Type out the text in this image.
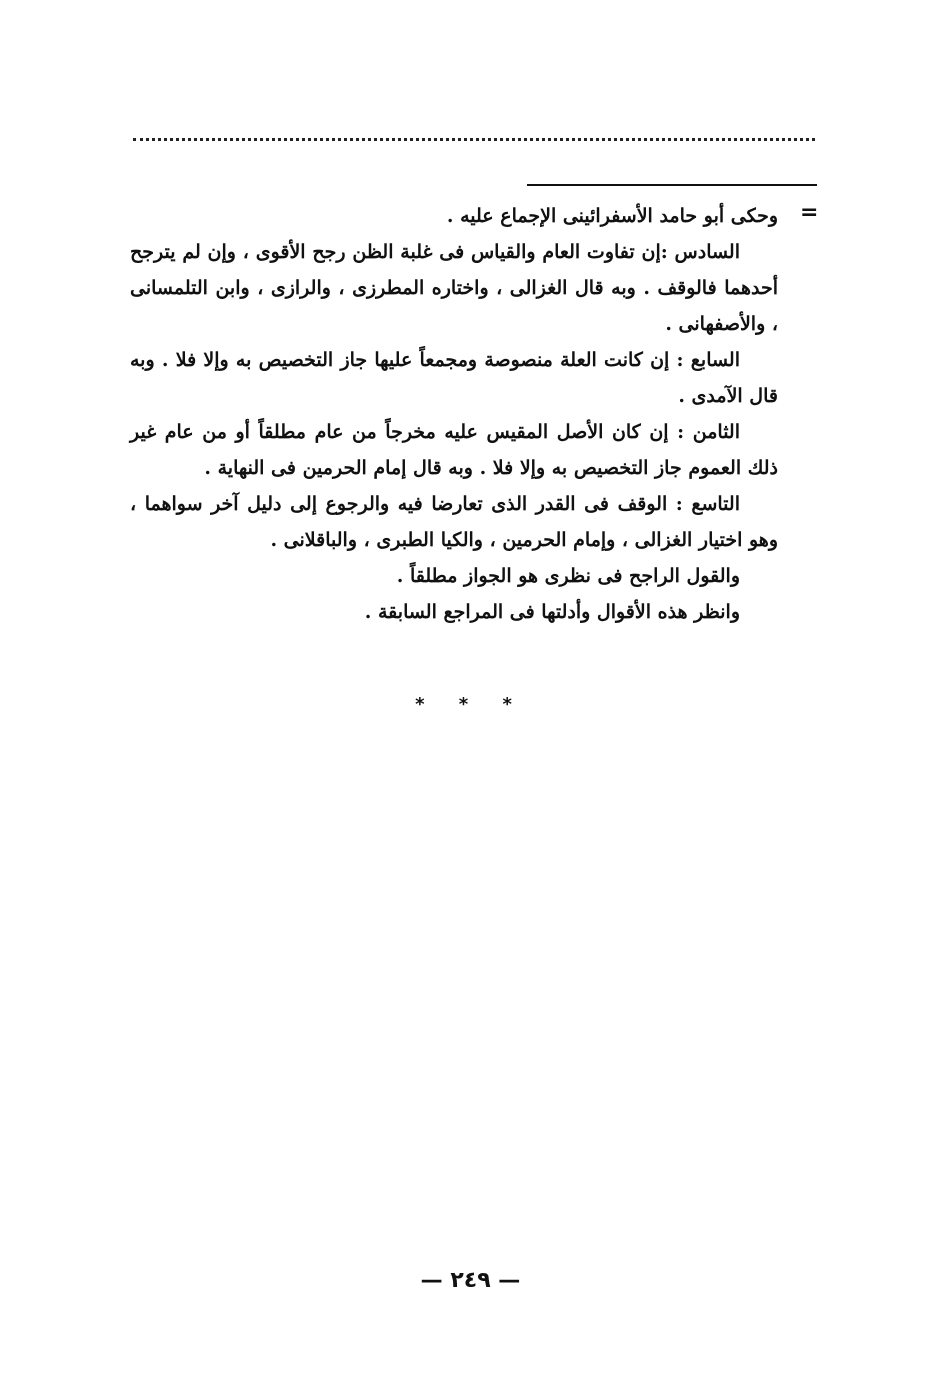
=

وحكى أبو حامد الأسفرائينى الإجماع عليه .

السادس :إن تفاوت العام والقياس فى غلبة الظن رجح الأقوى ، وإن لم يترجح أحدهما فالوقف . وبه قال الغزالى ، واختاره المطرزى ، والرازى ، وابن التلمسانى ، والأصفهانى .

السابع : إن كانت العلة منصوصة ومجمعاً عليها جاز التخصيص به وإلا فلا . وبه قال الآمدى .

الثامن : إن كان الأصل المقيس عليه مخرجاً من عام مطلقاً أو من عام غير ذلك العموم جاز التخصيص به وإلا فلا . وبه قال إمام الحرمين فى النهاية .

التاسع : الوقف فى القدر الذى تعارضا فيه والرجوع إلى دليل آخر سواهما ، وهو اختيار الغزالى ، وإمام الحرمين ، والكيا الطبرى ، والباقلانى .

والقول الراجح فى نظرى هو الجواز مطلقاً .

وانظر هذه الأقوال وأدلتها فى المراجع السابقة .

* * *
— ٢٤٩ —
